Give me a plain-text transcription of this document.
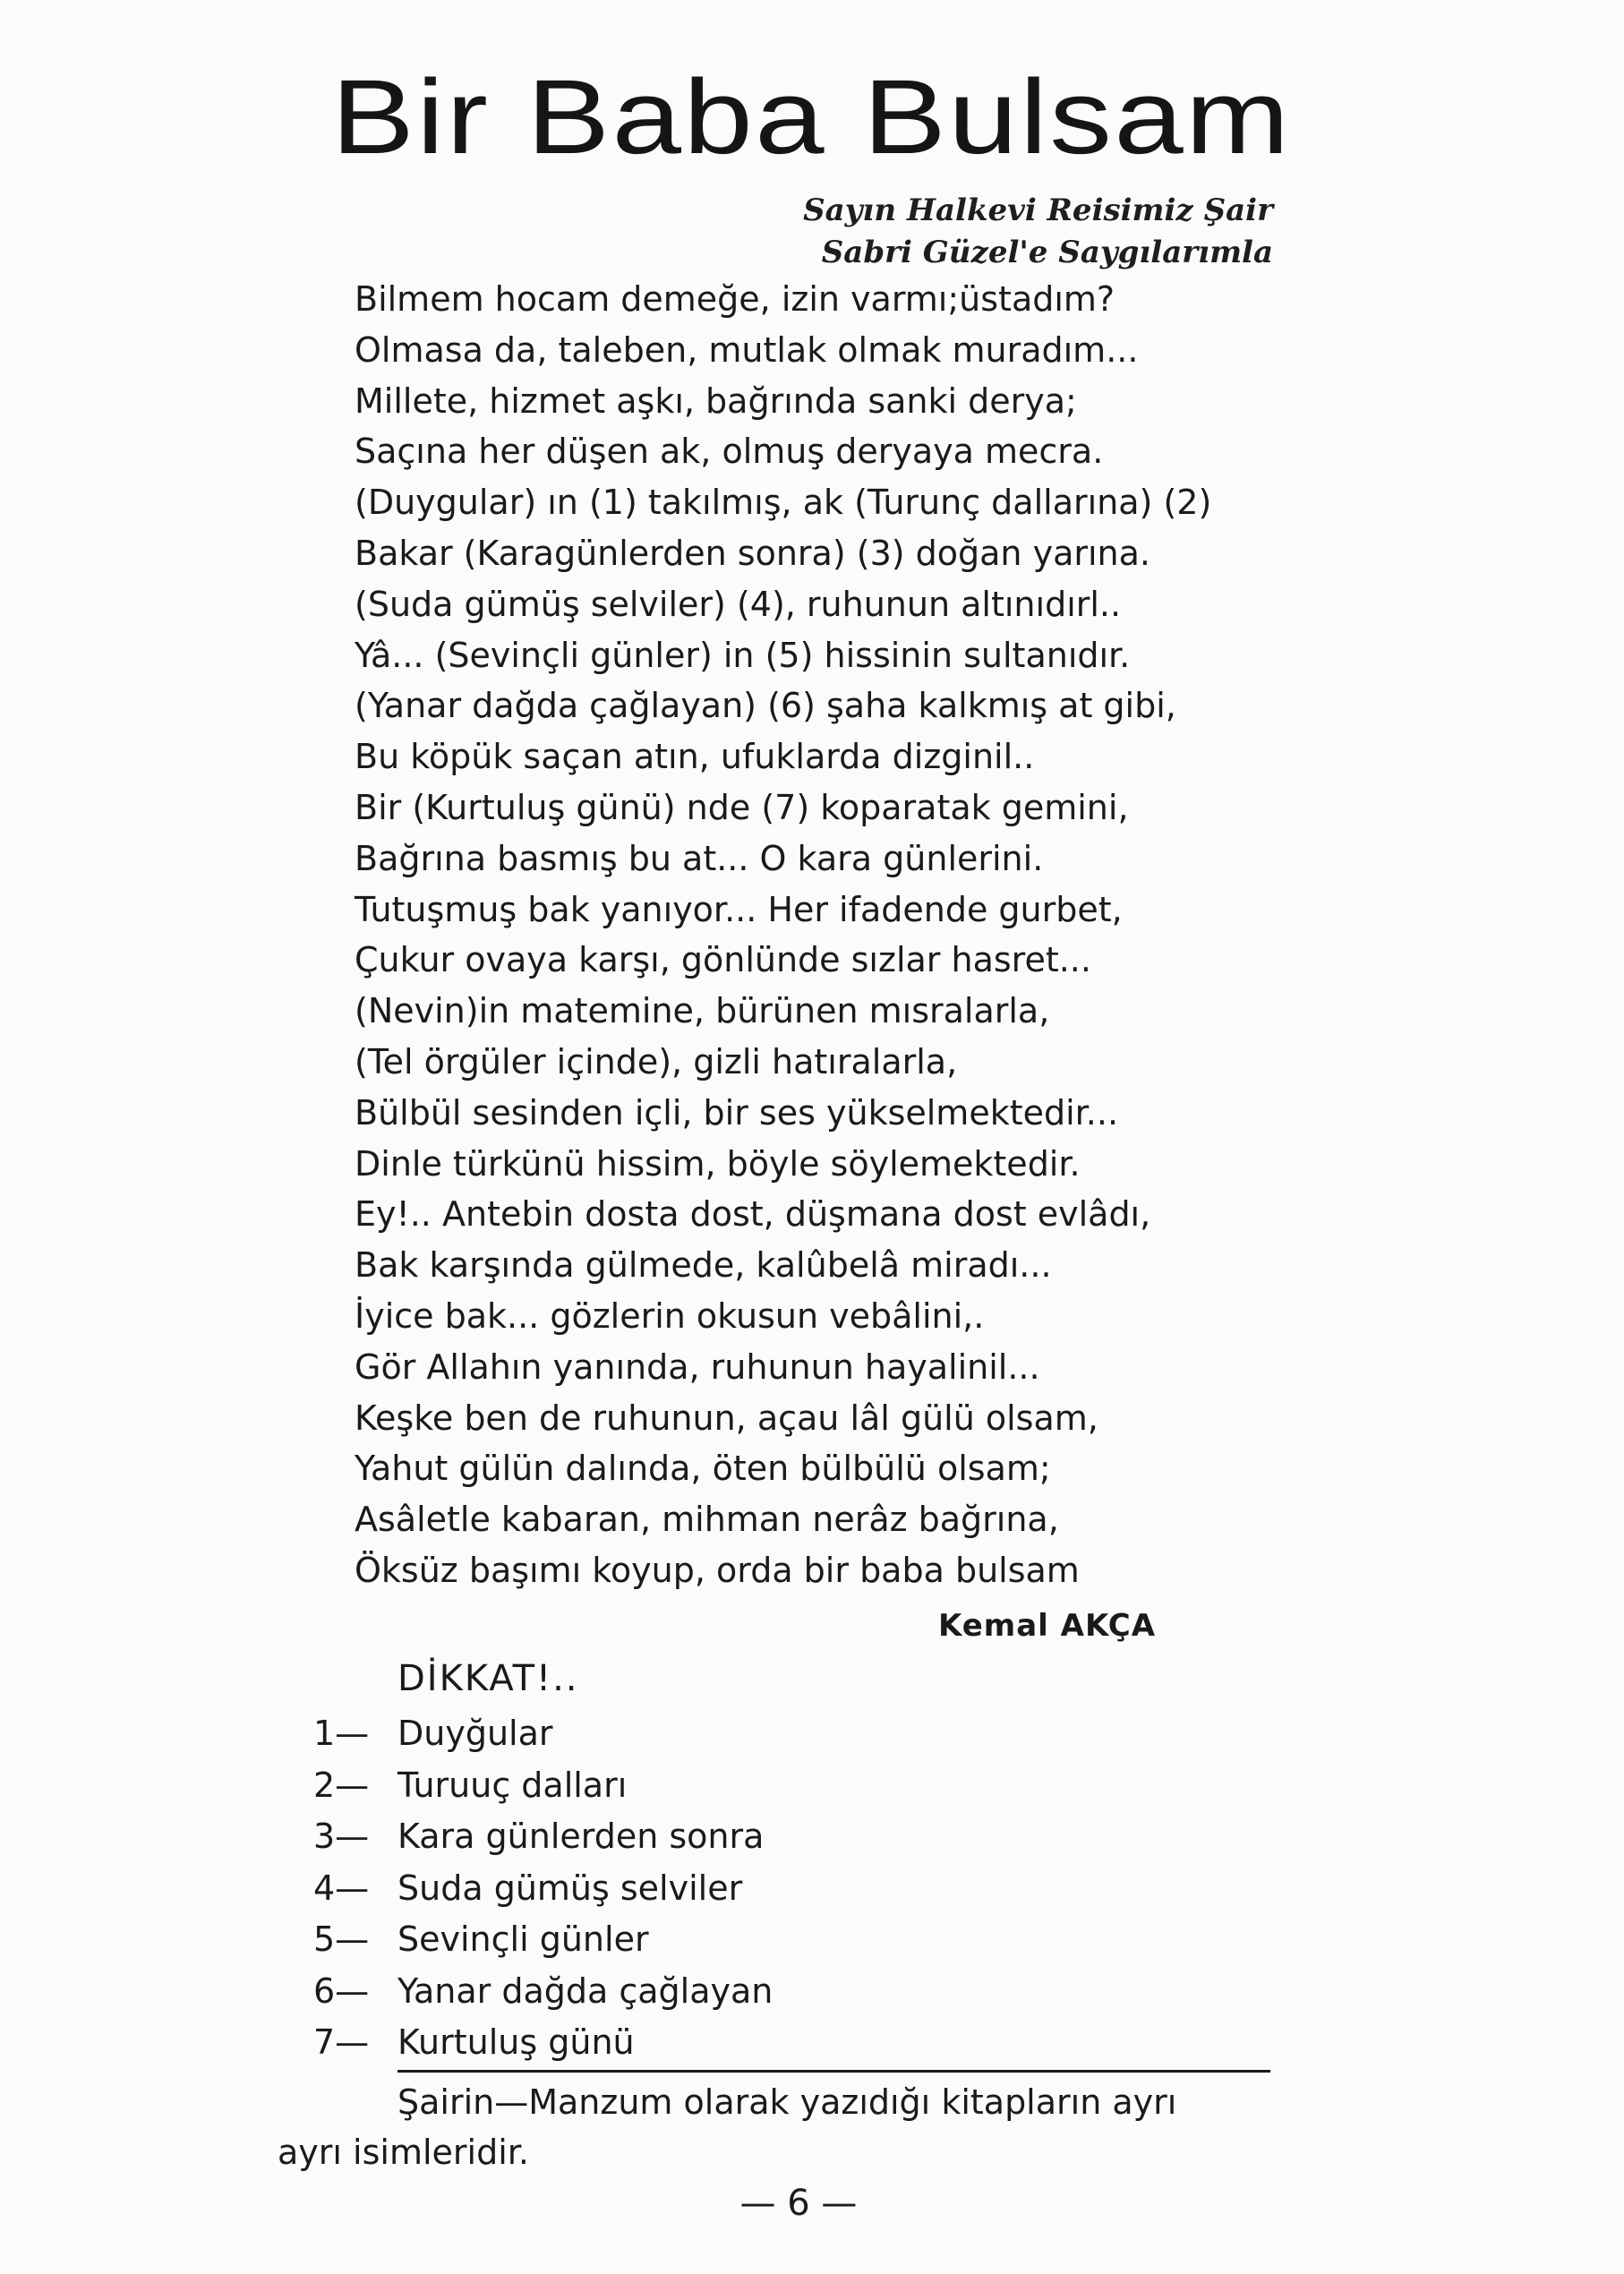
Bir Baba Bulsam
Sayın Halkevi Reisimiz Şair
Sabri Güzel'e Saygılarımla
Bilmem hocam demeğe, izin varmı;üstadım?
Olmasa da, taleben, mutlak olmak muradım...
Millete, hizmet aşkı, bağrında sanki derya;
Saçına her düşen ak, olmuş deryaya mecra.
(Duygular) ın (1) takılmış, ak (Turunç dallarına) (2)
Bakar (Karagünlerden sonra) (3) doğan yarına.
(Suda gümüş selviler) (4), ruhunun altınıdırl..
Yâ... (Sevinçli günler) in (5) hissinin sultanıdır.
(Yanar dağda çağlayan) (6) şaha kalkmış at gibi,
Bu köpük saçan atın, ufuklarda dizginil..
Bir (Kurtuluş günü) nde (7) koparatak gemini,
Bağrına basmış bu at... O kara günlerini.
Tutuşmuş bak yanıyor... Her ifadende gurbet,
Çukur ovaya karşı, gönlünde sızlar hasret...
(Nevin)in matemine, bürünen mısralarla,
(Tel örgüler içinde), gizli hatıralarla,
Bülbül sesinden içli, bir ses yükselmektedir...
Dinle türkünü hissim, böyle söylemektedir.
Ey!.. Antebin dosta dost, düşmana dost evlâdı,
Bak karşında gülmede, kalûbelâ miradı...
İyice bak... gözlerin okusun vebâlini,.
Gör Allahın yanında, ruhunun hayalinil...
Keşke ben de ruhunun, açau lâl gülü olsam,
Yahut gülün dalında, öten bülbülü olsam;
Asâletle kabaran, mihman nerâz bağrına,
Öksüz başımı koyup, orda bir baba bulsam
Kemal AKÇA
DİKKAT!..
1— Duyğular
2— Turuuç dalları
3— Kara günlerden sonra
4— Suda gümüş selviler
5— Sevinçli günler
6— Yanar dağda çağlayan
7— Kurtuluş günü
Şairin—Manzum olarak yazıdığı kitapların ayrı
ayrı isimleridir.
— 6 —
